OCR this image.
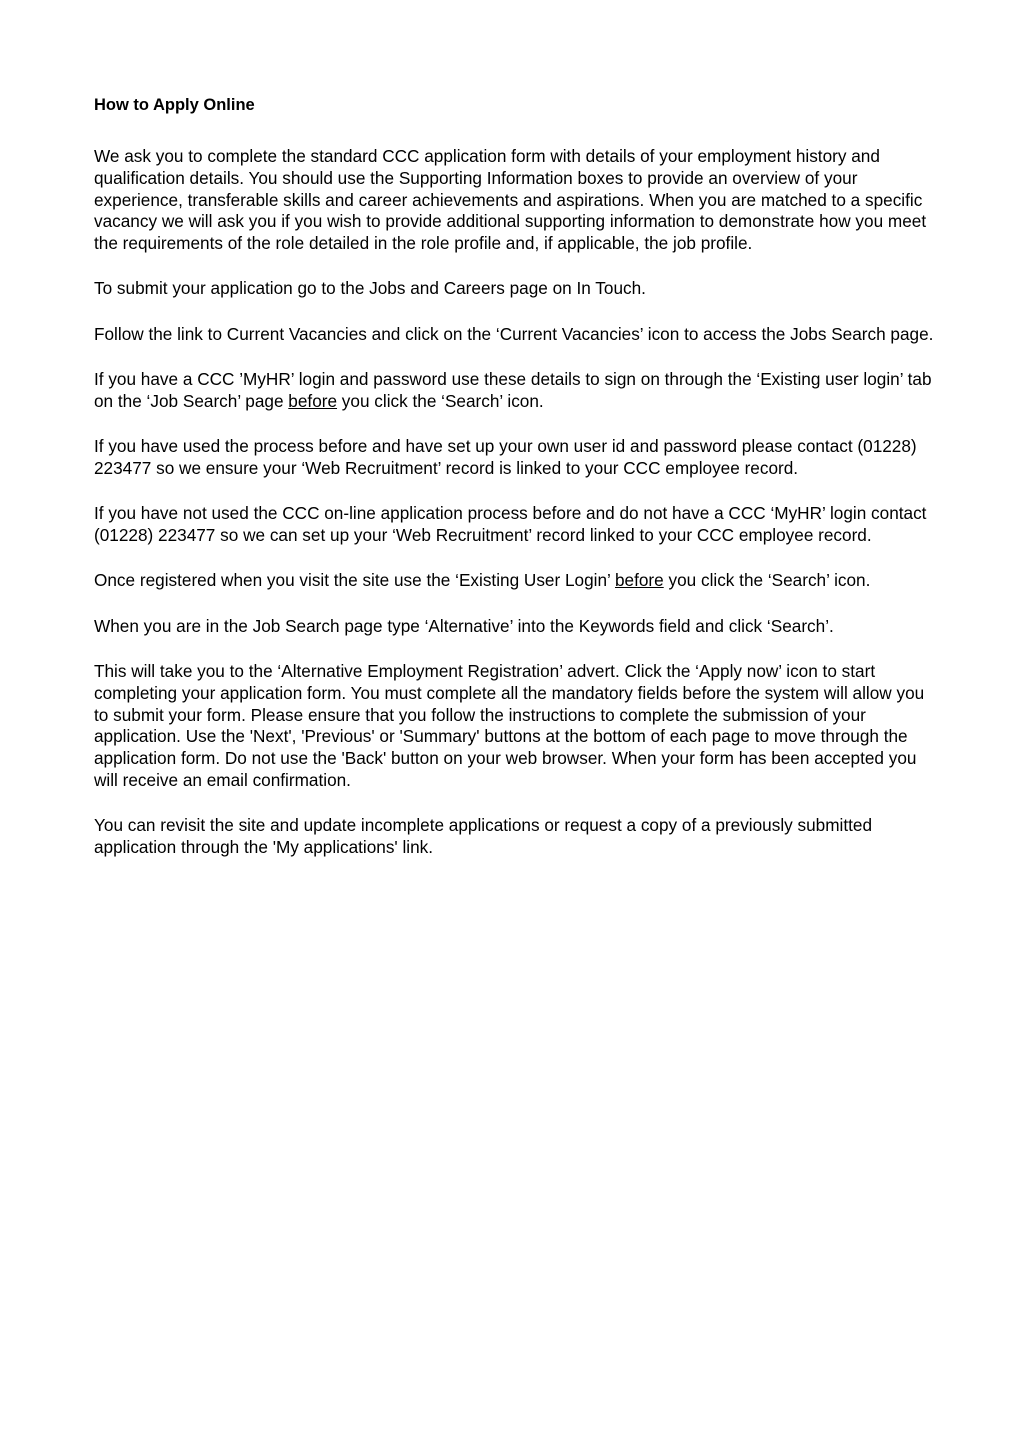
How to Apply Online

We ask you to complete the standard CCC application form with details of your employment history and qualification details. You should use the Supporting Information boxes to provide an overview of your experience, transferable skills and career achievements and aspirations. When you are matched to a specific vacancy we will ask you if you wish to provide additional supporting information to demonstrate how you meet the requirements of the role detailed in the role profile and, if applicable, the job profile.

To submit your application go to the Jobs and Careers page on In Touch.

Follow the link to Current Vacancies and click on the ‘Current Vacancies’ icon to access the Jobs Search page.

If you have a CCC ’MyHR’ login and password use these details to sign on through the ‘Existing user login’ tab on the ‘Job Search’ page before you click the ‘Search’ icon.

If you have used the process before and have set up your own user id and password please contact (01228) 223477 so we ensure your ‘Web Recruitment’ record is linked to your CCC employee record.

If you have not used the CCC on-line application process before and do not have a CCC ‘MyHR’ login contact (01228) 223477 so we can set up your ‘Web Recruitment’ record linked to your CCC employee record.

Once registered when you visit the site use the ‘Existing User Login’ before you click the ‘Search’ icon.

When you are in the Job Search page type ‘Alternative’ into the Keywords field and click ‘Search’.

This will take you to the ‘Alternative Employment Registration’ advert. Click the ‘Apply now’ icon to start completing your application form. You must complete all the mandatory fields before the system will allow you to submit your form. Please ensure that you follow the instructions to complete the submission of your application. Use the 'Next', 'Previous' or 'Summary' buttons at the bottom of each page to move through the application form. Do not use the 'Back' button on your web browser. When your form has been accepted you will receive an email confirmation.

You can revisit the site and update incomplete applications or request a copy of a previously submitted application through the 'My applications' link.
